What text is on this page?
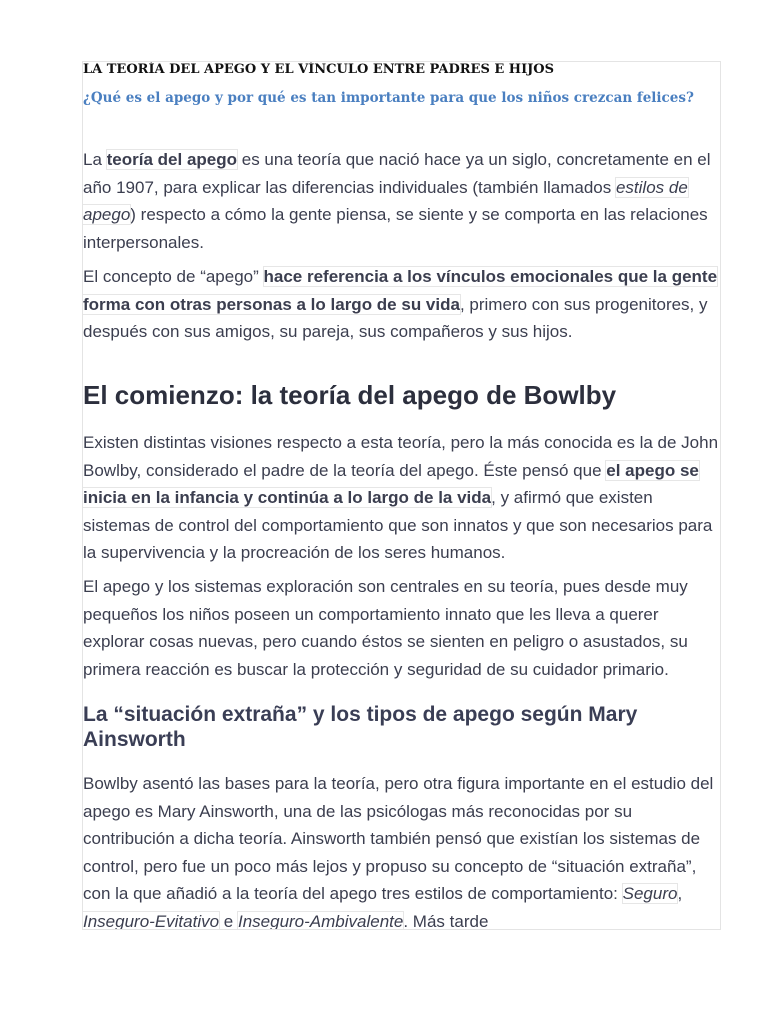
LA TEORÍA DEL APEGO Y EL VÍNCULO ENTRE PADRES E HIJOS
¿Qué es el apego y por qué es tan importante para que los niños crezcan felices?

La teoría del apego es una teoría que nació hace ya un siglo, concretamente en el año 1907, para explicar las diferencias individuales (también llamados estilos de apego) respecto a cómo la gente piensa, se siente y se comporta en las relaciones interpersonales.

El concepto de “apego” hace referencia a los vínculos emocionales que la gente forma con otras personas a lo largo de su vida, primero con sus progenitores, y después con sus amigos, su pareja, sus compañeros y sus hijos.

El comienzo: la teoría del apego de Bowlby

Existen distintas visiones respecto a esta teoría, pero la más conocida es la de John Bowlby, considerado el padre de la teoría del apego. Éste pensó que el apego se inicia en la infancia y continúa a lo largo de la vida, y afirmó que existen sistemas de control del comportamiento que son innatos y que son necesarios para la supervivencia y la procreación de los seres humanos.

El apego y los sistemas exploración son centrales en su teoría, pues desde muy pequeños los niños poseen un comportamiento innato que les lleva a querer explorar cosas nuevas, pero cuando éstos se sienten en peligro o asustados, su primera reacción es buscar la protección y seguridad de su cuidador primario.

La “situación extraña” y los tipos de apego según Mary Ainsworth

Bowlby asentó las bases para la teoría, pero otra figura importante en el estudio del apego es Mary Ainsworth, una de las psicólogas más reconocidas por su contribución a dicha teoría. Ainsworth también pensó que existían los sistemas de control, pero fue un poco más lejos y propuso su concepto de “situación extraña”, con la que añadió a la teoría del apego tres estilos de comportamiento: Seguro, Inseguro-Evitativo e Inseguro-Ambivalente. Más tarde
